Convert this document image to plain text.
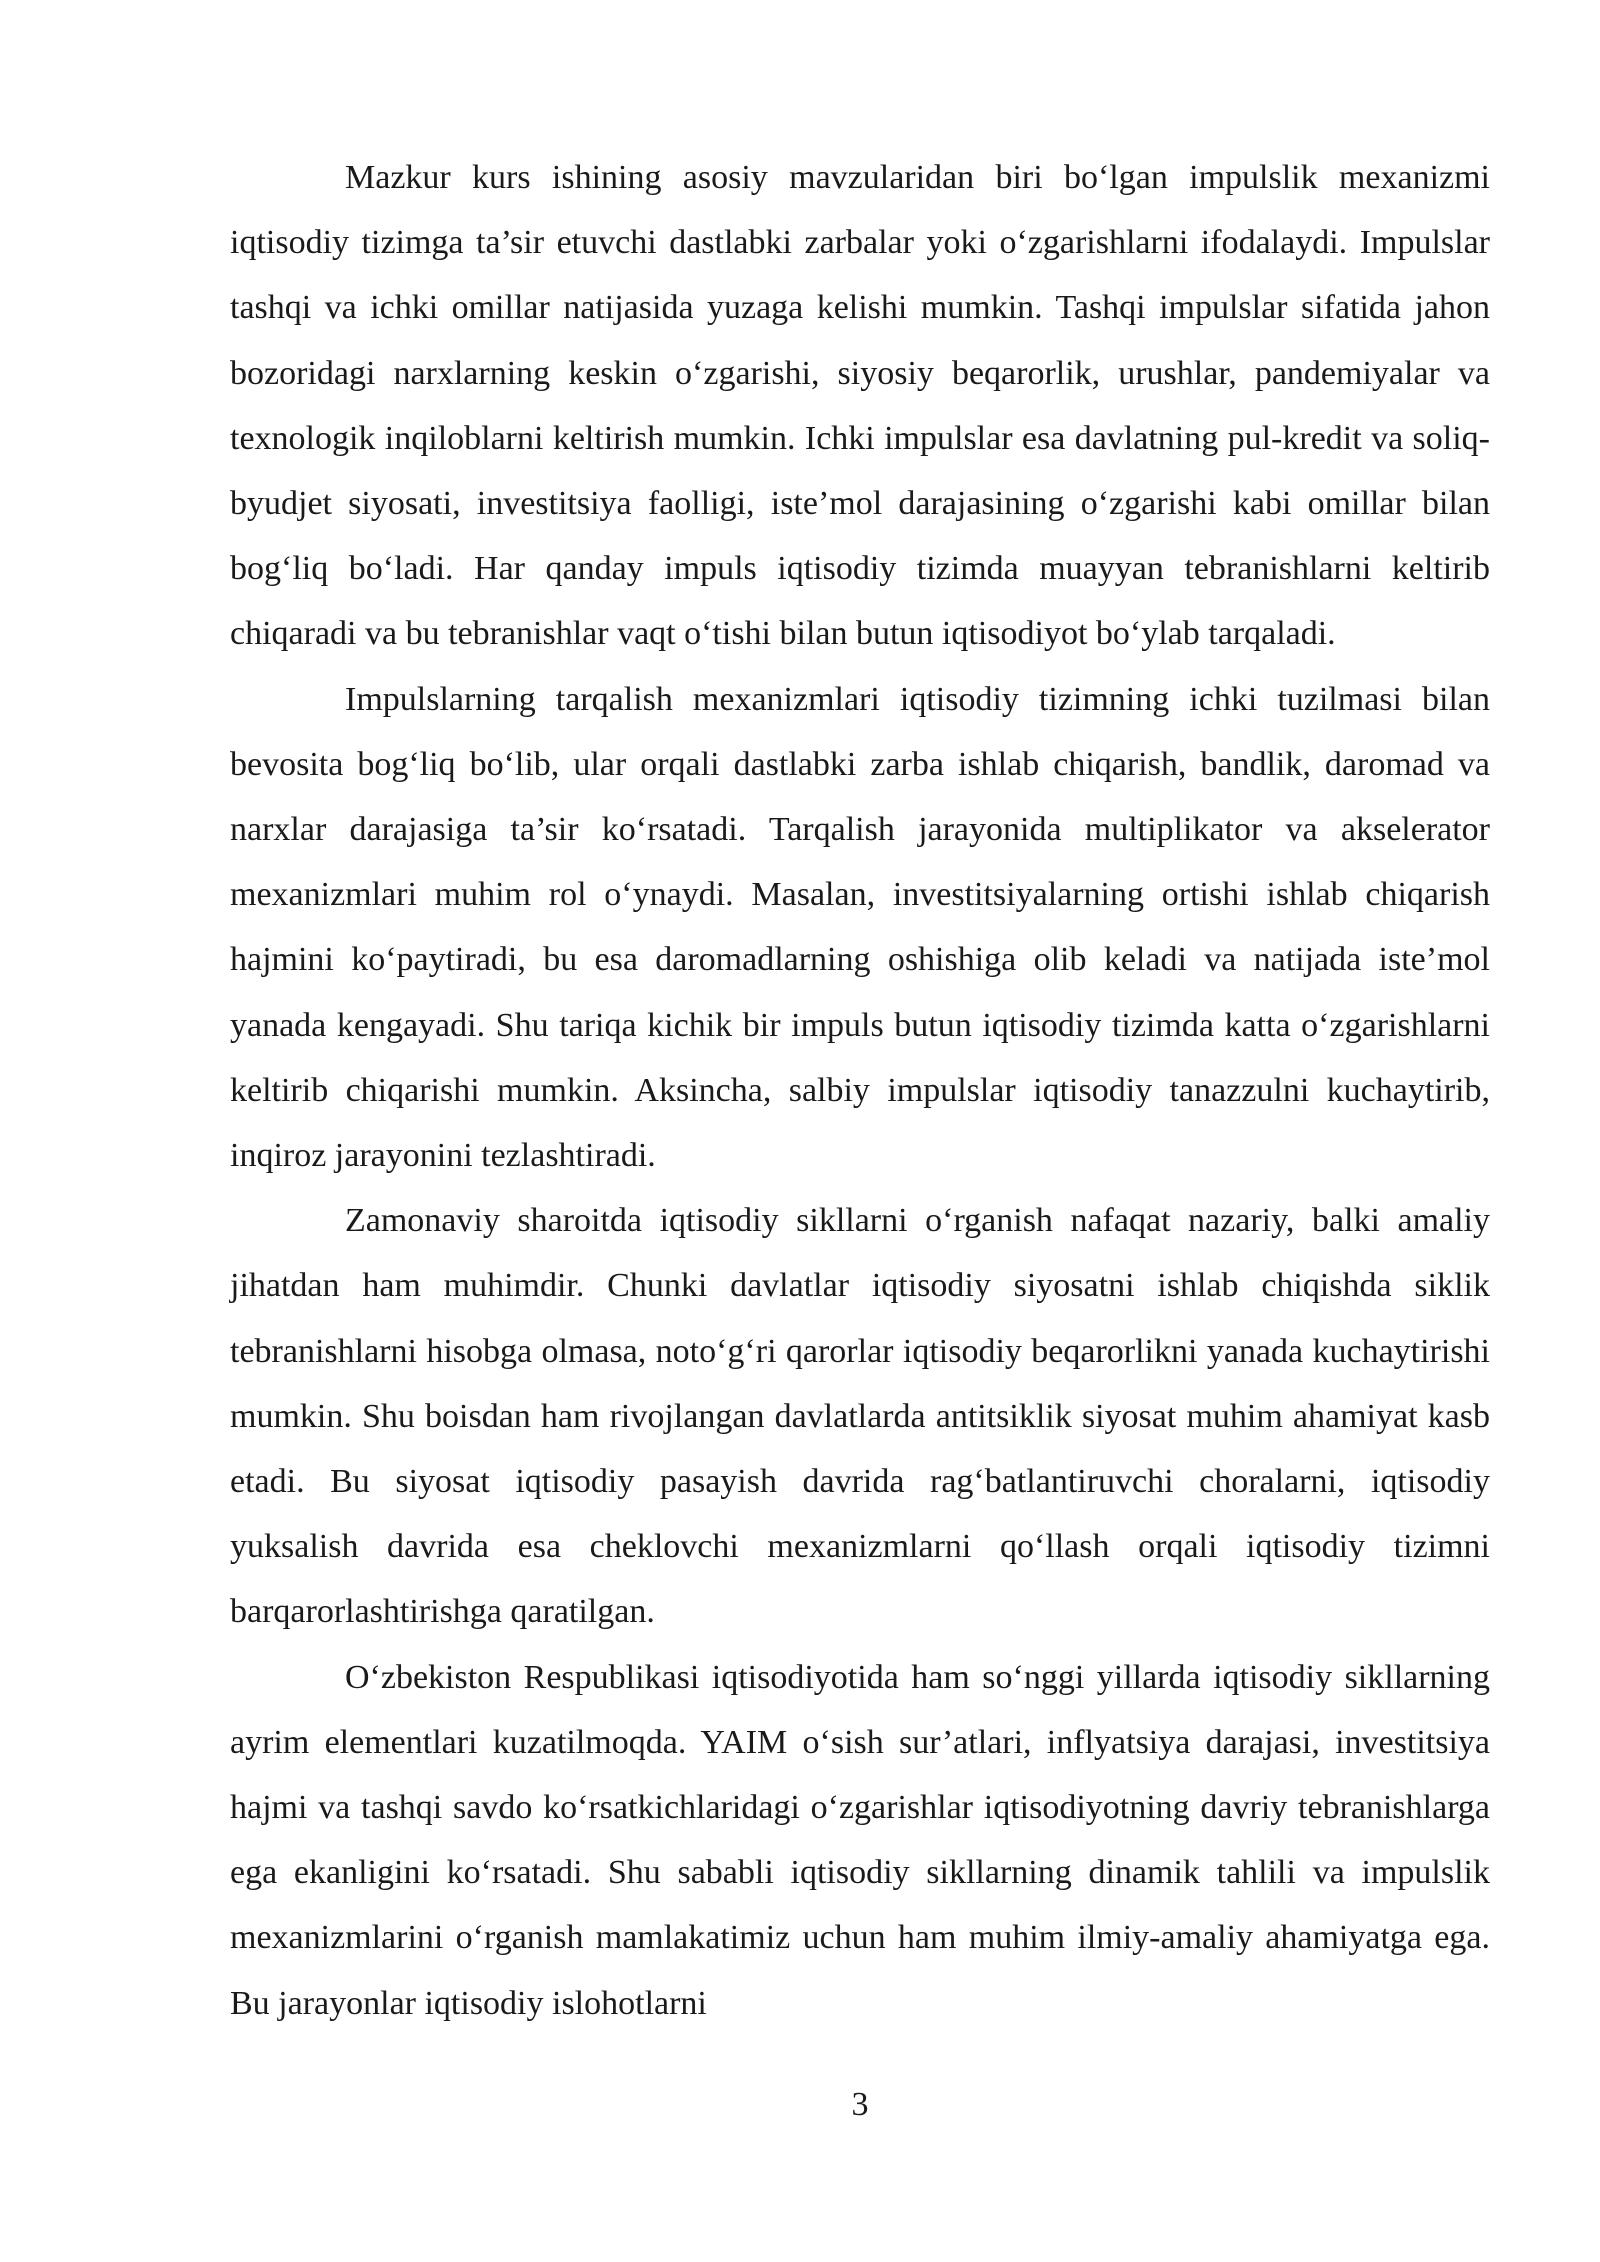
Mazkur kurs ishining asosiy mavzularidan biri bo‘lgan impulslik mexanizmi iqtisodiy tizimga ta’sir etuvchi dastlabki zarbalar yoki o‘zgarishlarni ifodalaydi. Impulslar tashqi va ichki omillar natijasida yuzaga kelishi mumkin. Tashqi impulslar sifatida jahon bozoridagi narxlarning keskin o‘zgarishi, siyosiy beqarorlik, urushlar, pandemiyalar va texnologik inqiloblarni keltirish mumkin. Ichki impulslar esa davlatning pul-kredit va soliq-byudjet siyosati, investitsiya faolligi, iste’mol darajasining o‘zgarishi kabi omillar bilan bog‘liq bo‘ladi. Har qanday impuls iqtisodiy tizimda muayyan tebranishlarni keltirib chiqaradi va bu tebranishlar vaqt o‘tishi bilan butun iqtisodiyot bo‘ylab tarqaladi.

Impulslarning tarqalish mexanizmlari iqtisodiy tizimning ichki tuzilmasi bilan bevosita bog‘liq bo‘lib, ular orqali dastlabki zarba ishlab chiqarish, bandlik, daromad va narxlar darajasiga ta’sir ko‘rsatadi. Tarqalish jarayonida multiplikator va akselerator mexanizmlari muhim rol o‘ynaydi. Masalan, investitsiyalarning ortishi ishlab chiqarish hajmini ko‘paytiradi, bu esa daromadlarning oshishiga olib keladi va natijada iste’mol yanada kengayadi. Shu tariqa kichik bir impuls butun iqtisodiy tizimda katta o‘zgarishlarni keltirib chiqarishi mumkin. Aksincha, salbiy impulslar iqtisodiy tanazzulni kuchaytirib, inqiroz jarayonini tezlashtiradi.

Zamonaviy sharoitda iqtisodiy sikllarni o‘rganish nafaqat nazariy, balki amaliy jihatdan ham muhimdir. Chunki davlatlar iqtisodiy siyosatni ishlab chiqishda siklik tebranishlarni hisobga olmasa, noto‘g‘ri qarorlar iqtisodiy beqarorlikni yanada kuchaytirishi mumkin. Shu boisdan ham rivojlangan davlatlarda antitsiklik siyosat muhim ahamiyat kasb etadi. Bu siyosat iqtisodiy pasayish davrida rag‘batlantiruvchi choralarni, iqtisodiy yuksalish davrida esa cheklovchi mexanizmlarni qo‘llash orqali iqtisodiy tizimni barqarorlashtirishga qaratilgan.

O‘zbekiston Respublikasi iqtisodiyotida ham so‘nggi yillarda iqtisodiy sikllarning ayrim elementlari kuzatilmoqda. YAIM o‘sish sur’atlari, inflyatsiya darajasi, investitsiya hajmi va tashqi savdo ko‘rsatkichlaridagi o‘zgarishlar iqtisodiyotning davriy tebranishlarga ega ekanligini ko‘rsatadi. Shu sababli iqtisodiy sikllarning dinamik tahlili va impulslik mexanizmlarini o‘rganish mamlakatimiz uchun ham muhim ilmiy-amaliy ahamiyatga ega. Bu jarayonlar iqtisodiy islohotlarni

3
